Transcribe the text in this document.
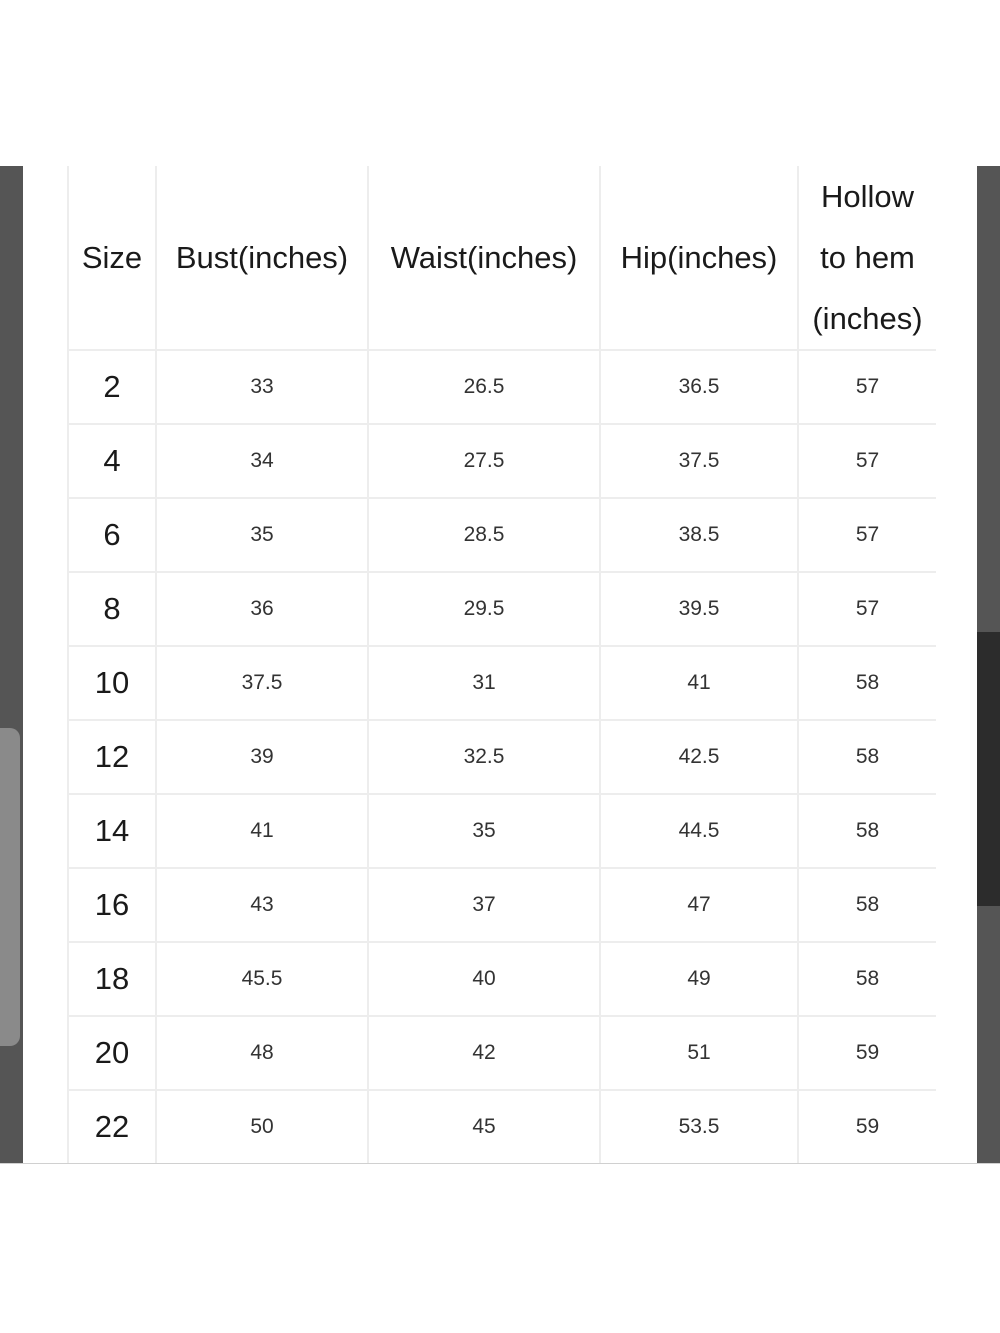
Size	Bust(inches)	Waist(inches)	Hip(inches)	Hollow
to hem
(inches)

2	33	26.5	36.5	57
4	34	27.5	37.5	57
6	35	28.5	38.5	57
8	36	29.5	39.5	57
10	37.5	31	41	58
12	39	32.5	42.5	58
14	41	35	44.5	58
16	43	37	47	58
18	45.5	40	49	58
20	48	42	51	59
22	50	45	53.5	59
